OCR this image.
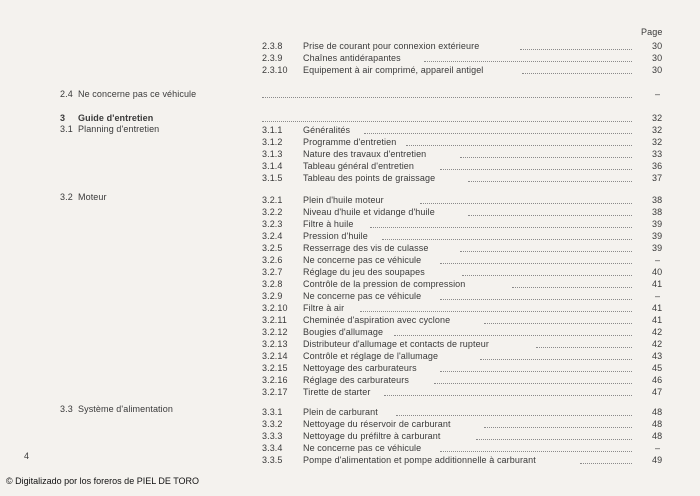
Page
2.3.8 Prise de courant pour connexion extérieure	30
2.3.9 Chaînes antidérapantes	30
2.3.10 Equipement à air comprimé, appareil antigel	30
2.4 Ne concerne pas ce véhicule	–
3 Guide d'entretien	32
3.1 Planning d'entretien	3.1.1 Généralités	32
3.1.2 Programme d'entretien	32
3.1.3 Nature des travaux d'entretien	33
3.1.4 Tableau général d'entretien	36
3.1.5 Tableau des points de graissage	37
3.2 Moteur	3.2.1 Plein d'huile moteur	38
3.2.2 Niveau d'huile et vidange d'huile	38
3.2.3 Filtre à huile	39
3.2.4 Pression d'huile	39
3.2.5 Resserrage des vis de culasse	39
3.2.6 Ne concerne pas ce véhicule	–
3.2.7 Réglage du jeu des soupapes	40
3.2.8 Contrôle de la pression de compression	41
3.2.9 Ne concerne pas ce véhicule	–
3.2.10 Filtre à air	41
3.2.11 Cheminée d'aspiration avec cyclone	41
3.2.12 Bougies d'allumage	42
3.2.13 Distributeur d'allumage et contacts de rupteur	42
3.2.14 Contrôle et réglage de l'allumage	43
3.2.15 Nettoyage des carburateurs	45
3.2.16 Réglage des carburateurs	46
3.2.17 Tirette de starter	47
3.3 Système d'alimentation	3.3.1 Plein de carburant	48
3.3.2 Nettoyage du réservoir de carburant	48
3.3.3 Nettoyage du préfiltre à carburant	48
3.3.4 Ne concerne pas ce véhicule	–
3.3.5 Pompe d'alimentation et pompe additionnelle à carburant	49
4
© Digitalizado por los foreros de PIEL DE TORO
